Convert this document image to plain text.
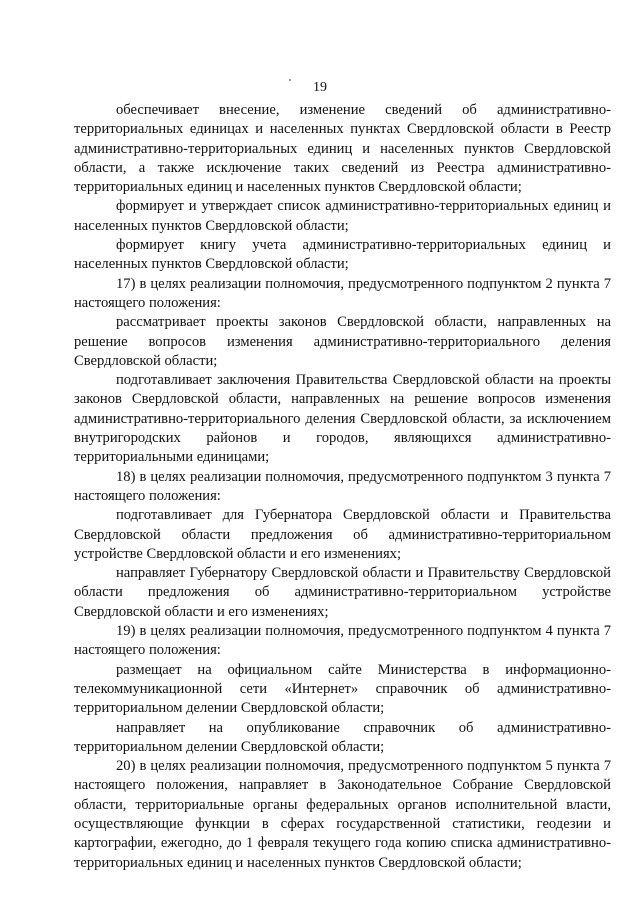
19

обеспечивает внесение, изменение сведений об административно-территориальных единицах и населенных пунктах Свердловской области в Реестр административно-территориальных единиц и населенных пунктов Свердловской области, а также исключение таких сведений из Реестра административно-территориальных единиц и населенных пунктов Свердловской области;

формирует и утверждает список административно-территориальных единиц и населенных пунктов Свердловской области;

формирует книгу учета административно-территориальных единиц и населенных пунктов Свердловской области;

17) в целях реализации полномочия, предусмотренного подпунктом 2 пункта 7 настоящего положения:

рассматривает проекты законов Свердловской области, направленных на решение вопросов изменения административно-территориального деления Свердловской области;

подготавливает заключения Правительства Свердловской области на проекты законов Свердловской области, направленных на решение вопросов изменения административно-территориального деления Свердловской области, за исключением внутригородских районов и городов, являющихся административно-территориальными единицами;

18) в целях реализации полномочия, предусмотренного подпунктом 3 пункта 7 настоящего положения:

подготавливает для Губернатора Свердловской области и Правительства Свердловской области предложения об административно-территориальном устройстве Свердловской области и его изменениях;

направляет Губернатору Свердловской области и Правительству Свердловской области предложения об административно-территориальном устройстве Свердловской области и его изменениях;

19) в целях реализации полномочия, предусмотренного подпунктом 4 пункта 7 настоящего положения:

размещает на официальном сайте Министерства в информационно-телекоммуникационной сети «Интернет» справочник об административно-территориальном делении Свердловской области;

направляет на опубликование справочник об административно-территориальном делении Свердловской области;

20) в целях реализации полномочия, предусмотренного подпунктом 5 пункта 7 настоящего положения, направляет в Законодательное Собрание Свердловской области, территориальные органы федеральных органов исполнительной власти, осуществляющие функции в сферах государственной статистики, геодезии и картографии, ежегодно, до 1 февраля текущего года копию списка административно-территориальных единиц и населенных пунктов Свердловской области;
